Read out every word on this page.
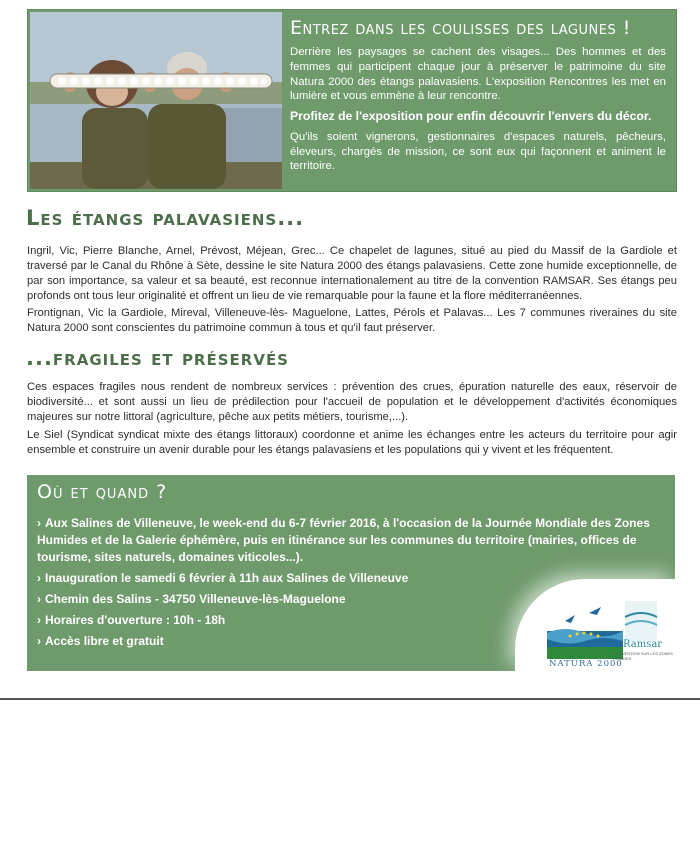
Entrez dans les coulisses des lagunes !

Derrière les paysages se cachent des visages... Des hommes et des femmes qui participent chaque jour à préserver le patrimoine du site Natura 2000 des étangs palavasiens. L'exposition Rencontres les met en lumière et vous emmène à leur rencontre.

Profitez de l'exposition pour enfin découvrir l'envers du décor.

Qu'ils soient vignerons, gestionnaires d'espaces naturels, pêcheurs, éleveurs, chargés de mission, ce sont eux qui façonnent et animent le territoire.

Les étangs palavasiens...

Ingril, Vic, Pierre Blanche, Arnel, Prévost, Méjean, Grec... Ce chapelet de lagunes, situé au pied du Massif de la Gardiole et traversé par le Canal du Rhône à Sète, dessine le site Natura 2000 des étangs palavasiens. Cette zone humide exceptionnelle, de par son importance, sa valeur et sa beauté, est reconnue internationalement au titre de la convention RAMSAR. Ses étangs peu profonds ont tous leur originalité et offrent un lieu de vie remarquable pour la faune et la flore méditerranéennes.

Frontignan, Vic la Gardiole, Mireval, Villeneuve-lès- Maguelone, Lattes, Pérols et Palavas... Les 7 communes riveraines du site Natura 2000 sont conscientes du patrimoine commun à tous et qu'il faut préserver.

...fragiles et préservés

Ces espaces fragiles nous rendent de nombreux services : prévention des crues, épuration naturelle des eaux, réservoir de biodiversité... et sont aussi un lieu de prédilection pour l'accueil de population et le développement d'activités économiques majeures sur notre littoral (agriculture, pêche aux petits métiers, tourisme,...).

Le Siel (Syndicat syndicat mixte des étangs littoraux) coordonne et anime les échanges entre les acteurs du territoire pour agir ensemble et construire un avenir durable pour les étangs palavasiens et les populations qui y vivent et les fréquentent.

Où et quand ?
› Aux Salines de Villeneuve, le week-end du 6-7 février 2016, à l'occasion de la Journée Mondiale des Zones Humides et de la Galerie éphémère, puis en itinérance sur les communes du territoire (mairies, offices de tourisme, sites naturels, domaines viticoles...).
› Inauguration le samedi 6 février à 11h aux Salines de Villeneuve
› Chemin des Salins - 34750 Villeneuve-lès-Maguelone
› Horaires d'ouverture : 10h - 18h
› Accès libre et gratuit
NATURA 2000
Ramsar
CONVENTION SUR LES ZONES HUMIDES
